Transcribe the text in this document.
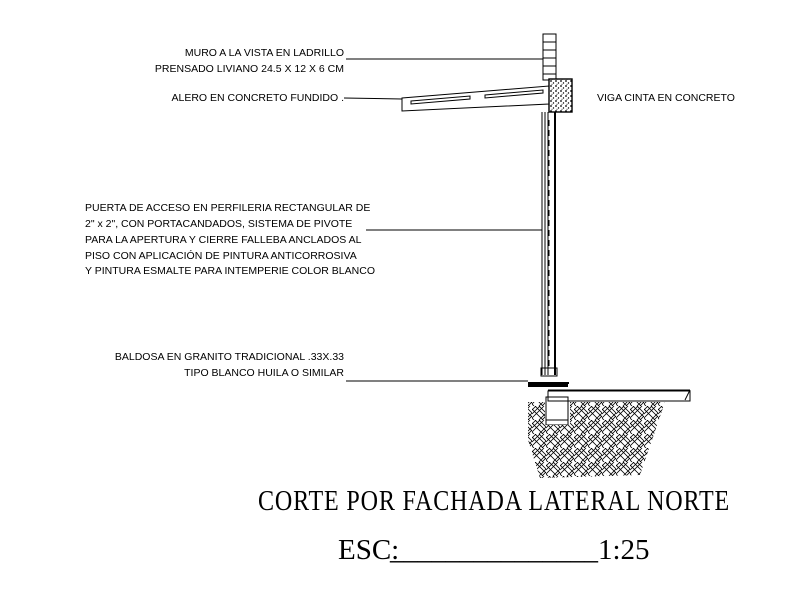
MURO A LA VISTA EN LADRILLO
PRENSADO LIVIANO 24.5 X 12 X 6 CM
ALERO EN CONCRETO FUNDIDO .	VIGA CINTA EN CONCRETO
PUERTA DE ACCESO EN PERFILERIA RECTANGULAR DE
2" x 2", CON PORTACANDADOS, SISTEMA DE PIVOTE
PARA LA APERTURA Y CIERRE FALLEBA ANCLADOS AL
PISO CON APLICACIÓN DE PINTURA ANTICORROSIVA
Y PINTURA ESMALTE PARA INTEMPERIE COLOR BLANCO
BALDOSA EN GRANITO TRADICIONAL .33X.33
TIPO BLANCO HUILA O SIMILAR
CORTE POR FACHADA LATERAL NORTE
ESC:
_______________ 1:25
